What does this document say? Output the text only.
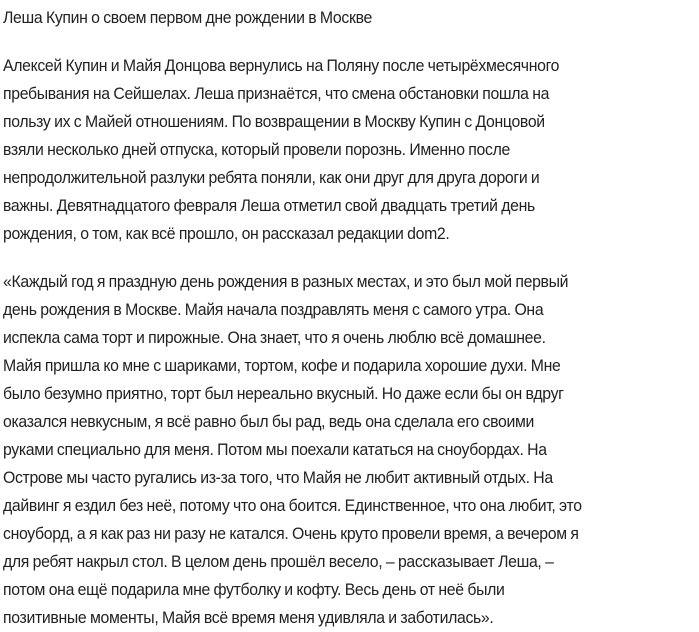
Леша Купин о своем первом дне рождении в Москве

Алексей Купин и Майя Донцова вернулись на Поляну после четырёхмесячного
пребывания на Сейшелах. Леша признаётся, что смена обстановки пошла на
пользу их с Майей отношениям. По возвращении в Москву Купин с Донцовой
взяли несколько дней отпуска, который провели порознь. Именно после
непродолжительной разлуки ребята поняли, как они друг для друга дороги и
важны. Девятнадцатого февраля Леша отметил свой двадцать третий день
рождения, о том, как всё прошло, он рассказал редакции dom2.

«Каждый год я праздную день рождения в разных местах, и это был мой первый
день рождения в Москве. Майя начала поздравлять меня с самого утра. Она
испекла сама торт и пирожные. Она знает, что я очень люблю всё домашнее.
Майя пришла ко мне с шариками, тортом, кофе и подарила хорошие духи. Мне
было безумно приятно, торт был нереально вкусный. Но даже если бы он вдруг
оказался невкусным, я всё равно был бы рад, ведь она сделала его своими
руками специально для меня. Потом мы поехали кататься на сноубордах. На
Острове мы часто ругались из-за того, что Майя не любит активный отдых. На
дайвинг я ездил без неё, потому что она боится. Единственное, что она любит, это
сноуборд, а я как раз ни разу не катался. Очень круто провели время, а вечером я
для ребят накрыл стол. В целом день прошёл весело, – рассказывает Леша, –
потом она ещё подарила мне футболку и кофту. Весь день от неё были
позитивные моменты, Майя всё время меня удивляла и заботилась».
